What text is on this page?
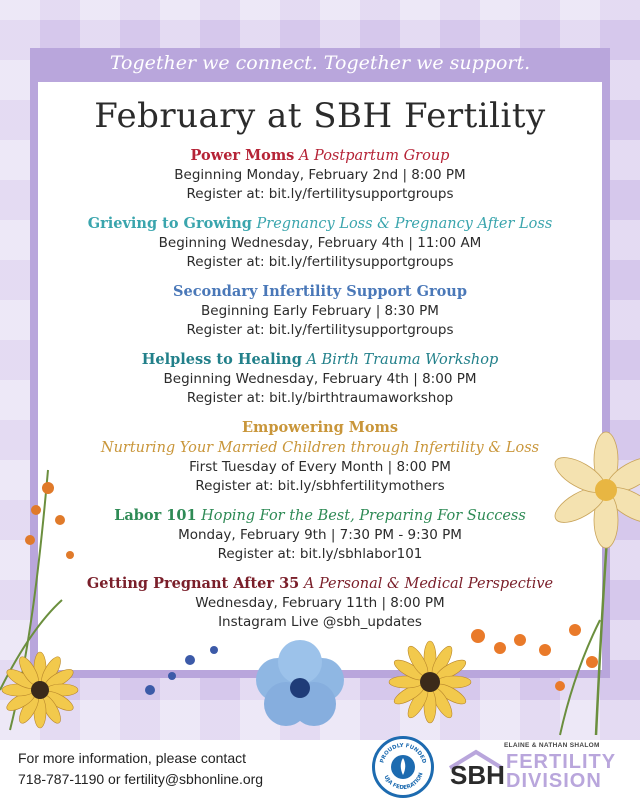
Together we connect. Together we support.
February at SBH Fertility
Power Moms A Postpartum Group
Beginning Monday, February 2nd | 8:00 PM
Register at: bit.ly/fertilitysupportgroups
Grieving to Growing Pregnancy Loss & Pregnancy After Loss
Beginning Wednesday, February 4th | 11:00 AM
Register at: bit.ly/fertilitysupportgroups
Secondary Infertility Support Group
Beginning Early February | 8:30 PM
Register at: bit.ly/fertilitysupportgroups
Helpless to Healing A Birth Trauma Workshop
Beginning Wednesday, February 4th | 8:00 PM
Register at: bit.ly/birthtraumaworkshop
Empowering Moms
Nurturing Your Married Children through Infertility & Loss
First Tuesday of Every Month | 8:00 PM
Register at: bit.ly/sbhfertilitymothers
Labor 101 Hoping For the Best, Preparing For Success
Monday, February 9th | 7:30 PM - 9:30 PM
Register at: bit.ly/sbhlabor101
Getting Pregnant After 35 A Personal & Medical Perspective
Wednesday, February 11th | 8:00 PM
Instagram Live @sbh_updates
For more information, please contact
718-787-1190 or fertility@sbhonline.org
PROUDLY FUNDED
UJA FEDERATION
ELAINE & NATHAN SHALOM
SBH FERTILITY
DIVISION
